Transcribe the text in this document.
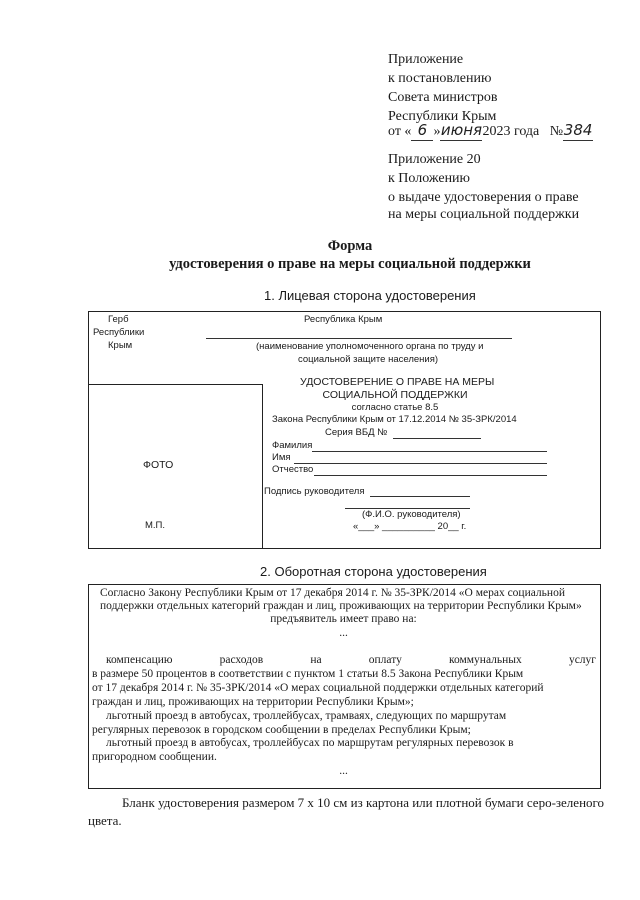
Приложение
к постановлению
Совета министров
Республики Крым
от « 6 »июня2023 года №384
Приложение 20
к Положению
о выдаче удостоверения о праве
на меры социальной поддержки
Форма
удостоверения о праве на меры социальной поддержки
1. Лицевая сторона удостоверения
Герб
Республики
Крым
Республика Крым
(наименование уполномоченного органа по труду и
социальной защите населения)
УДОСТОВЕРЕНИЕ О ПРАВЕ НА МЕРЫ
СОЦИАЛЬНОЙ ПОДДЕРЖКИ
согласно статье 8.5
Закона Республики Крым от 17.12.2014 № 35-ЗРК/2014
Серия ВБД №
Фамилия
Имя
Отчество
ФОТО
Подпись руководителя
(Ф.И.О. руководителя)
«___» __________ 20__ г.
М.П.
2. Оборотная сторона удостоверения
Согласно Закону Республики Крым от 17 декабря 2014 г. № 35-ЗРК/2014 «О мерах социальной
поддержки отдельных категорий граждан и лиц, проживающих на территории Республики Крым»
предъявитель имеет право на:
...
компенсацию	расходов	на	оплату	коммунальных	услуг
в размере 50 процентов в соответствии с пунктом 1 статьи 8.5 Закона Республики Крым
от 17 декабря 2014 г. № 35-ЗРК/2014 «О мерах социальной поддержки отдельных категорий
граждан и лиц, проживающих на территории Республики Крым»;
льготный проезд в автобусах, троллейбусах, трамваях, следующих по маршрутам
регулярных перевозок в городском сообщении в пределах Республики Крым;
льготный проезд в автобусах, троллейбусах по маршрутам регулярных перевозок в
пригородном сообщении.
...
Бланк удостоверения размером 7 х 10 см из картона или плотной бумаги серо-зеленого
цвета.
